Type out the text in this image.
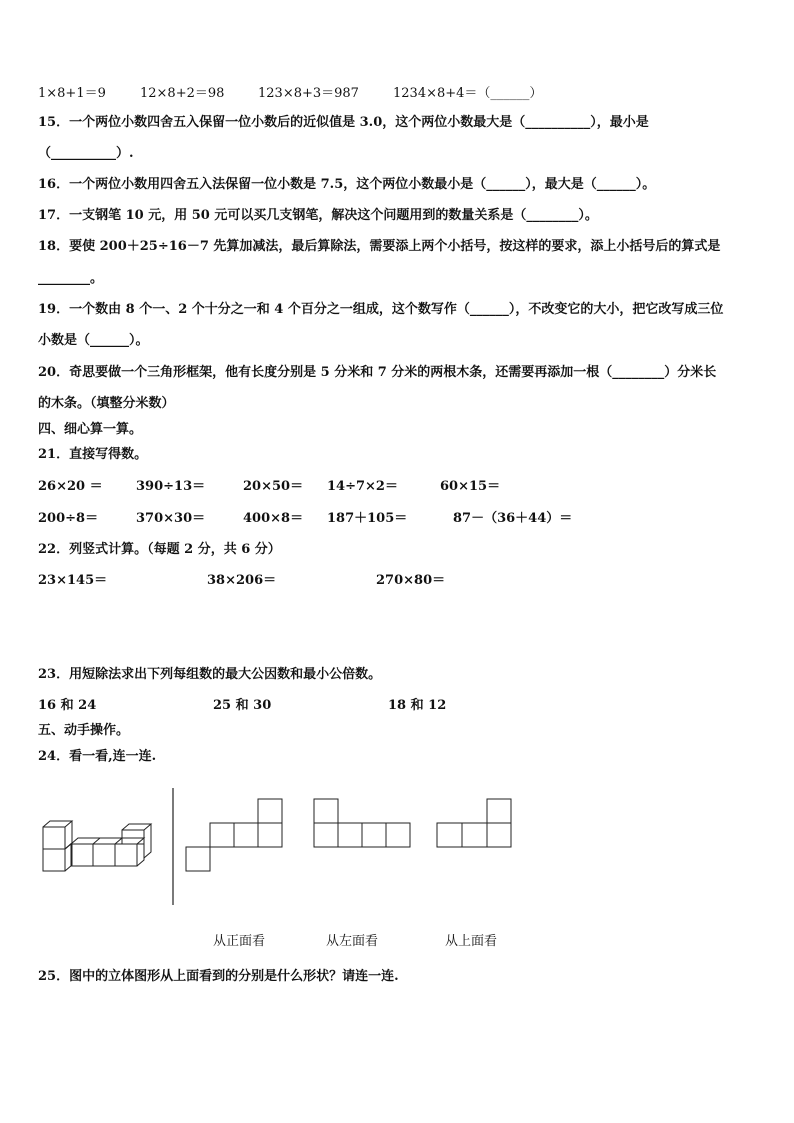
1×8+1＝9	12×8+2＝98	123×8+3＝987	1234×8+4＝（______）
15．一个两位小数四舍五入保留一位小数后的近似值是 3.0，这个两位小数最大是（__________），最小是
（__________）.
16．一个两位小数用四舍五入法保留一位小数是 7.5，这个两位小数最小是（______），最大是（______）。
17．一支钢笔 10 元，用 50 元可以买几支钢笔，解决这个问题用到的数量关系是（________）。
18．要使 200＋25÷16－7 先算加减法，最后算除法，需要添上两个小括号，按这样的要求，添上小括号后的算式是
________。
19．一个数由 8 个一、2 个十分之一和 4 个百分之一组成，这个数写作（______），不改变它的大小，把它改写成三位
小数是（______）。
20．奇思要做一个三角形框架，他有长度分别是 5 分米和 7 分米的两根木条，还需要再添加一根（________）分米长
的木条。（填整分米数）
四、细心算一算。
21．直接写得数。
26×20 ＝	390÷13＝	20×50＝ 14÷7×2＝	60×15＝
200÷8＝	370×30＝	400×8＝ 187＋105＝	87－（36＋44）＝
22．列竖式计算。（每题 2 分，共 6 分）
23×145＝	38×206＝	270×80＝
23．用短除法求出下列每组数的最大公因数和最小公倍数。
16 和 24	25 和 30	18 和 12
五、动手操作。
24．看一看,连一连.
从正面看	从左面看	从上面看
25．图中的立体图形从上面看到的分别是什么形状？请连一连.
